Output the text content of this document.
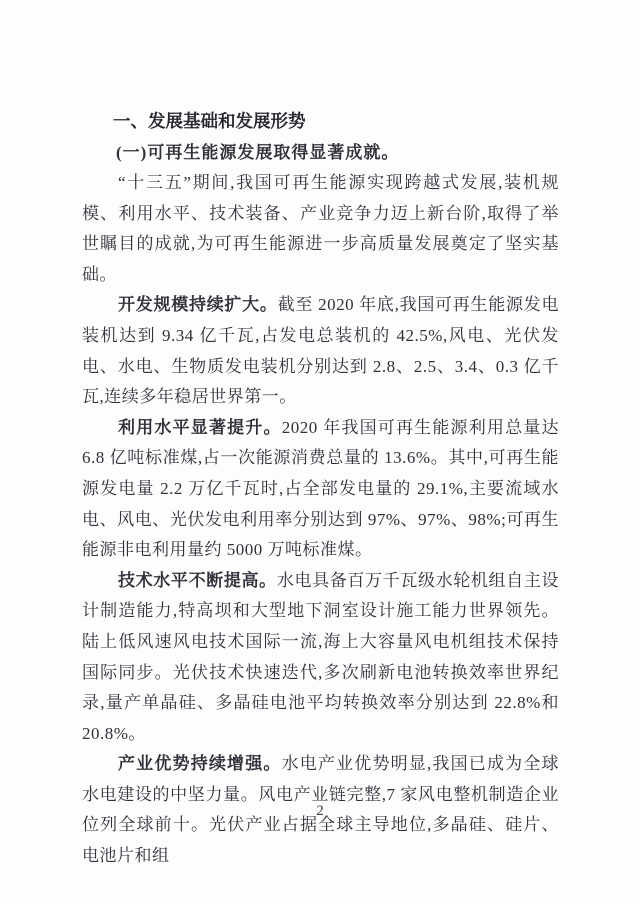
一、发展基础和发展形势
(一)可再生能源发展取得显著成就。

“十三五”期间,我国可再生能源实现跨越式发展,装机规模、利用水平、技术装备、产业竞争力迈上新台阶,取得了举世瞩目的成就,为可再生能源进一步高质量发展奠定了坚实基础。

开发规模持续扩大。截至 2020 年底,我国可再生能源发电装机达到 9.34 亿千瓦,占发电总装机的 42.5%,风电、光伏发电、水电、生物质发电装机分别达到 2.8、2.5、3.4、0.3 亿千瓦,连续多年稳居世界第一。

利用水平显著提升。2020 年我国可再生能源利用总量达 6.8 亿吨标准煤,占一次能源消费总量的 13.6%。其中,可再生能源发电量 2.2 万亿千瓦时,占全部发电量的 29.1%,主要流域水电、风电、光伏发电利用率分别达到 97%、97%、98%;可再生能源非电利用量约 5000 万吨标准煤。

技术水平不断提高。水电具备百万千瓦级水轮机组自主设计制造能力,特高坝和大型地下洞室设计施工能力世界领先。陆上低风速风电技术国际一流,海上大容量风电机组技术保持国际同步。光伏技术快速迭代,多次刷新电池转换效率世界纪录,量产单晶硅、多晶硅电池平均转换效率分别达到 22.8%和 20.8%。

产业优势持续增强。水电产业优势明显,我国已成为全球水电建设的中坚力量。风电产业链完整,7 家风电整机制造企业位列全球前十。光伏产业占据全球主导地位,多晶硅、硅片、电池片和组

2
